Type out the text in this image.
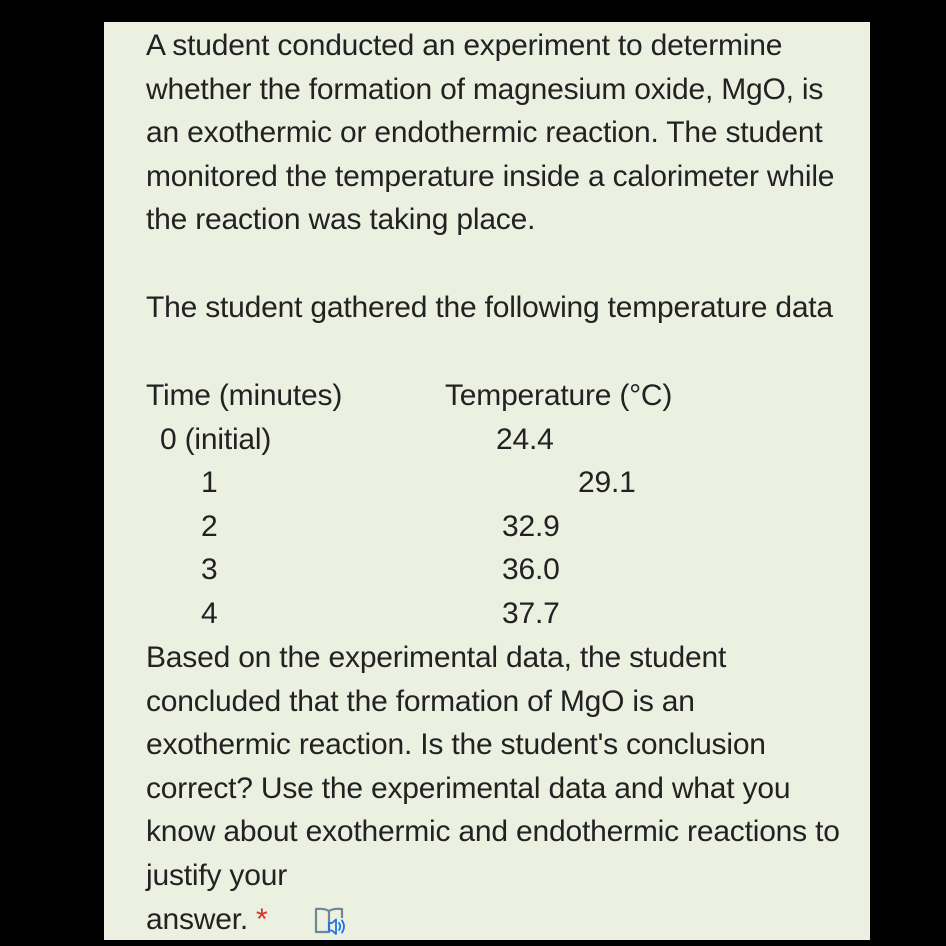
A student conducted an experiment to determine whether the formation of magnesium oxide, MgO, is an exothermic or endothermic reaction. The student monitored the temperature inside a calorimeter while the reaction was taking place.

The student gathered the following temperature data

Time (minutes)	Temperature (°C)
0 (initial)	24.4
1	29.1
2	32.9
3	36.0
4	37.7

Based on the experimental data, the student concluded that the formation of MgO is an exothermic reaction. Is the student's conclusion correct? Use the experimental data and what you know about exothermic and endothermic reactions to justify your

answer. *
